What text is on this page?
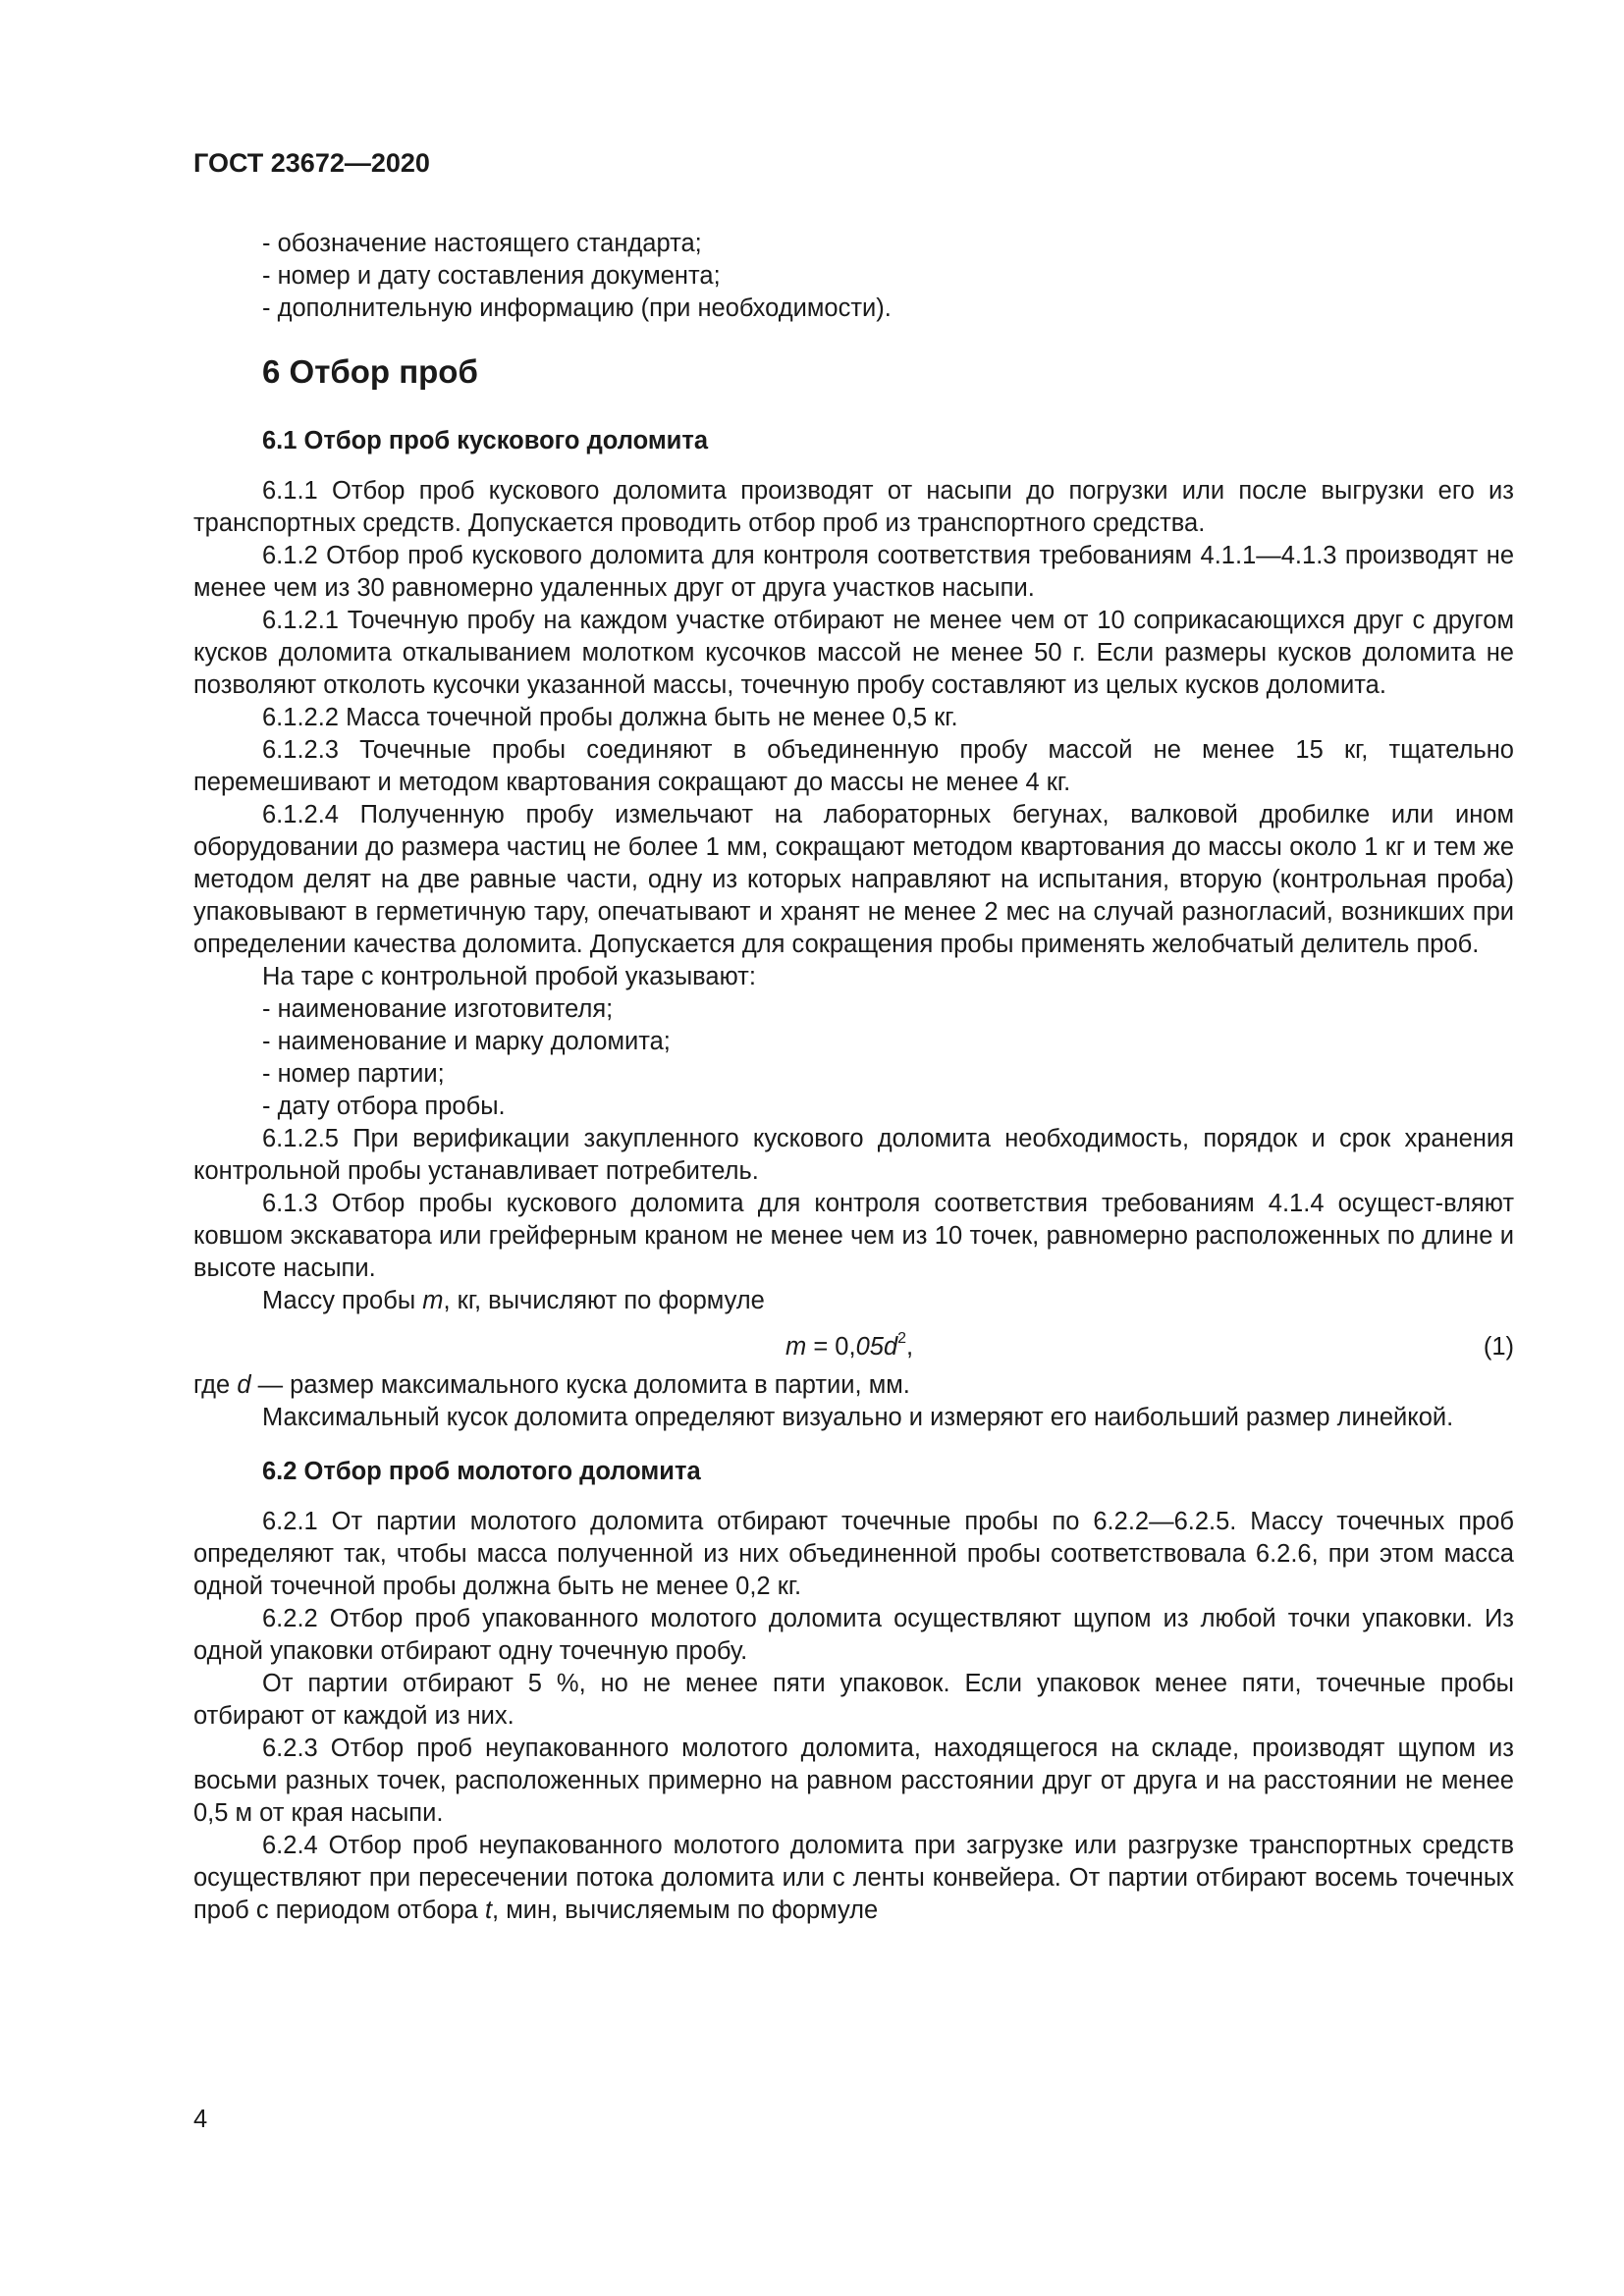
ГОСТ 23672—2020

- обозначение настоящего стандарта;

- номер и дату составления документа;

- дополнительную информацию (при необходимости).

6 Отбор проб
6.1 Отбор проб кускового доломита

6.1.1 Отбор проб кускового доломита производят от насыпи до погрузки или после выгрузки его из транспортных средств. Допускается проводить отбор проб из транспортного средства.

6.1.2 Отбор проб кускового доломита для контроля соответствия требованиям 4.1.1—4.1.3 производят не менее чем из 30 равномерно удаленных друг от друга участков насыпи.

6.1.2.1 Точечную пробу на каждом участке отбирают не менее чем от 10 соприкасающихся друг с другом кусков доломита откалыванием молотком кусочков массой не менее 50 г. Если размеры кусков доломита не позволяют отколоть кусочки указанной массы, точечную пробу составляют из целых кусков доломита.

6.1.2.2 Масса точечной пробы должна быть не менее 0,5 кг.

6.1.2.3 Точечные пробы соединяют в объединенную пробу массой не менее 15 кг, тщательно перемешивают и методом квартования сокращают до массы не менее 4 кг.

6.1.2.4 Полученную пробу измельчают на лабораторных бегунах, валковой дробилке или ином оборудовании до размера частиц не более 1 мм, сокращают методом квартования до массы около 1 кг и тем же методом делят на две равные части, одну из которых направляют на испытания, вторую (контрольная проба) упаковывают в герметичную тару, опечатывают и хранят не менее 2 мес на случай разногласий, возникших при определении качества доломита. Допускается для сокращения пробы применять желобчатый делитель проб.

На таре с контрольной пробой указывают:

- наименование изготовителя;

- наименование и марку доломита;

- номер партии;

- дату отбора пробы.

6.1.2.5 При верификации закупленного кускового доломита необходимость, порядок и срок хранения контрольной пробы устанавливает потребитель.

6.1.3 Отбор пробы кускового доломита для контроля соответствия требованиям 4.1.4 осущест-вляют ковшом экскаватора или грейферным краном не менее чем из 10 точек, равномерно расположенных по длине и высоте насыпи.

Массу пробы m, кг, вычисляют по формуле

$m = 0,05d^2$,	(1)

где d — размер максимального куска доломита в партии, мм.

Максимальный кусок доломита определяют визуально и измеряют его наибольший размер линейкой.

6.2 Отбор проб молотого доломита

6.2.1 От партии молотого доломита отбирают точечные пробы по 6.2.2—6.2.5. Массу точечных проб определяют так, чтобы масса полученной из них объединенной пробы соответствовала 6.2.6, при этом масса одной точечной пробы должна быть не менее 0,2 кг.

6.2.2 Отбор проб упакованного молотого доломита осуществляют щупом из любой точки упаковки. Из одной упаковки отбирают одну точечную пробу.

От партии отбирают 5 %, но не менее пяти упаковок. Если упаковок менее пяти, точечные пробы отбирают от каждой из них.

6.2.3 Отбор проб неупакованного молотого доломита, находящегося на складе, производят щупом из восьми разных точек, расположенных примерно на равном расстоянии друг от друга и на расстоянии не менее 0,5 м от края насыпи.

6.2.4 Отбор проб неупакованного молотого доломита при загрузке или разгрузке транспортных средств осуществляют при пересечении потока доломита или с ленты конвейера. От партии отбирают восемь точечных проб с периодом отбора t, мин, вычисляемым по формуле

4
